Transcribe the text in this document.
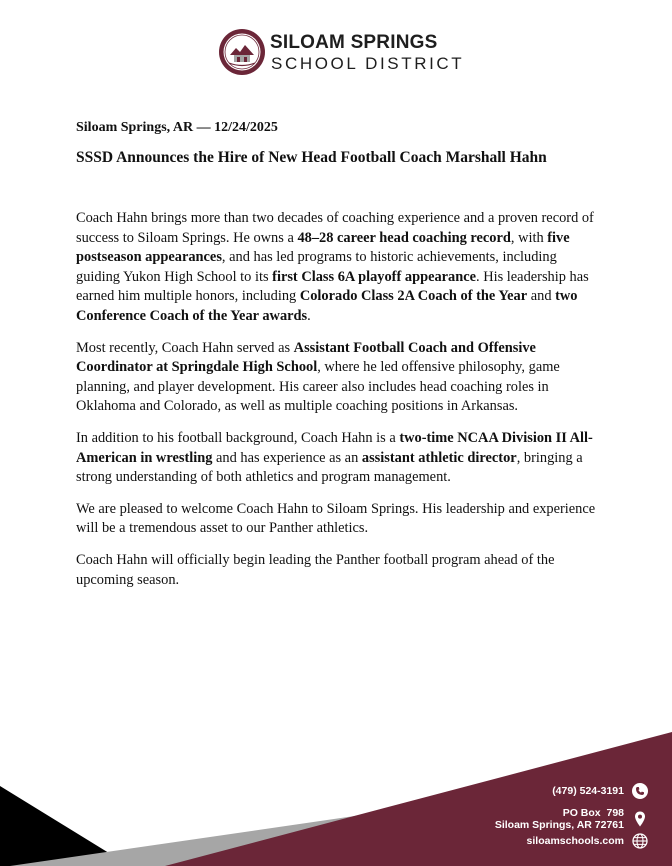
SILOAM SPRINGS
SCHOOL DISTRICT
Siloam Springs, AR — 12/24/2025
SSSD Announces the Hire of New Head Football Coach Marshall Hahn

Coach Hahn brings more than two decades of coaching experience and a proven record of success to Siloam Springs. He owns a 48–28 career head coaching record, with five postseason appearances, and has led programs to historic achievements, including guiding Yukon High School to its first Class 6A playoff appearance. His leadership has earned him multiple honors, including Colorado Class 2A Coach of the Year and two Conference Coach of the Year awards.

Most recently, Coach Hahn served as Assistant Football Coach and Offensive Coordinator at Springdale High School, where he led offensive philosophy, game planning, and player development. His career also includes head coaching roles in Oklahoma and Colorado, as well as multiple coaching positions in Arkansas.

In addition to his football background, Coach Hahn is a two-time NCAA Division II All-American in wrestling and has experience as an assistant athletic director, bringing a strong understanding of both athletics and program management.

We are pleased to welcome Coach Hahn to Siloam Springs. His leadership and experience will be a tremendous asset to our Panther athletics.

Coach Hahn will officially begin leading the Panther football program ahead of the upcoming season.

(479) 524-3191
PO Box  798
Siloam Springs, AR 72761
siloamschools.com
